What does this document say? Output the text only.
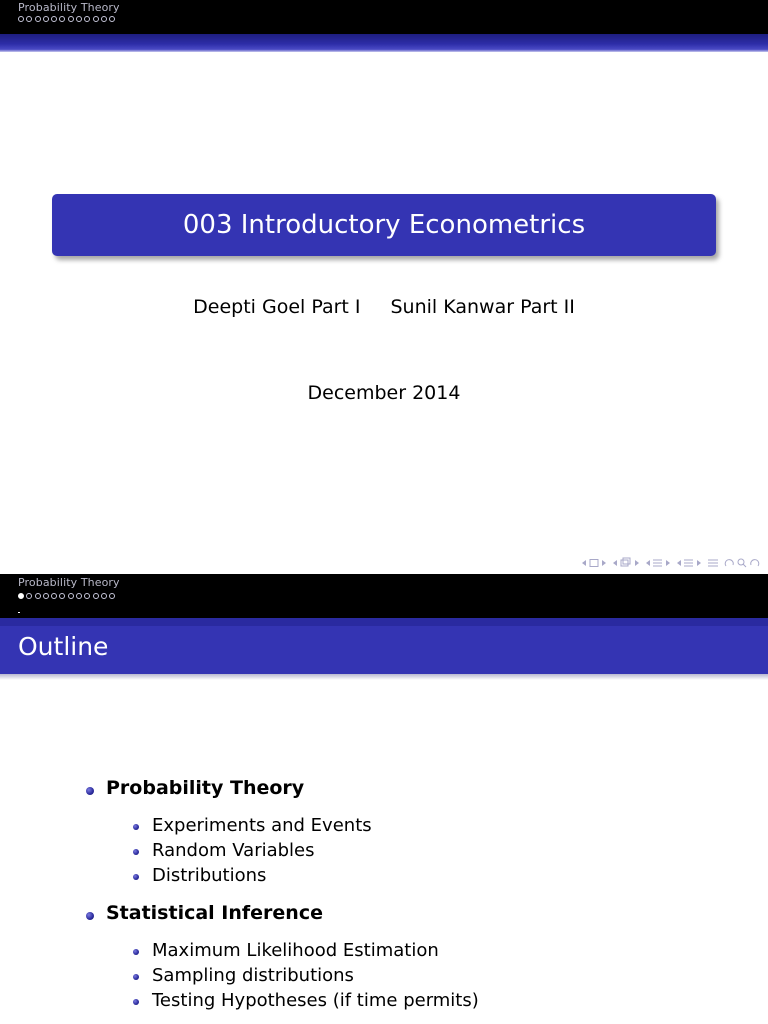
Probability Theory
003 Introductory Econometrics
Deepti Goel Part I Sunil Kanwar Part II
December 2014
Probability Theory
Outline
Probability Theory
Experiments and Events
Random Variables
Distributions
Statistical Inference
Maximum Likelihood Estimation
Sampling distributions
Testing Hypotheses (if time permits)
